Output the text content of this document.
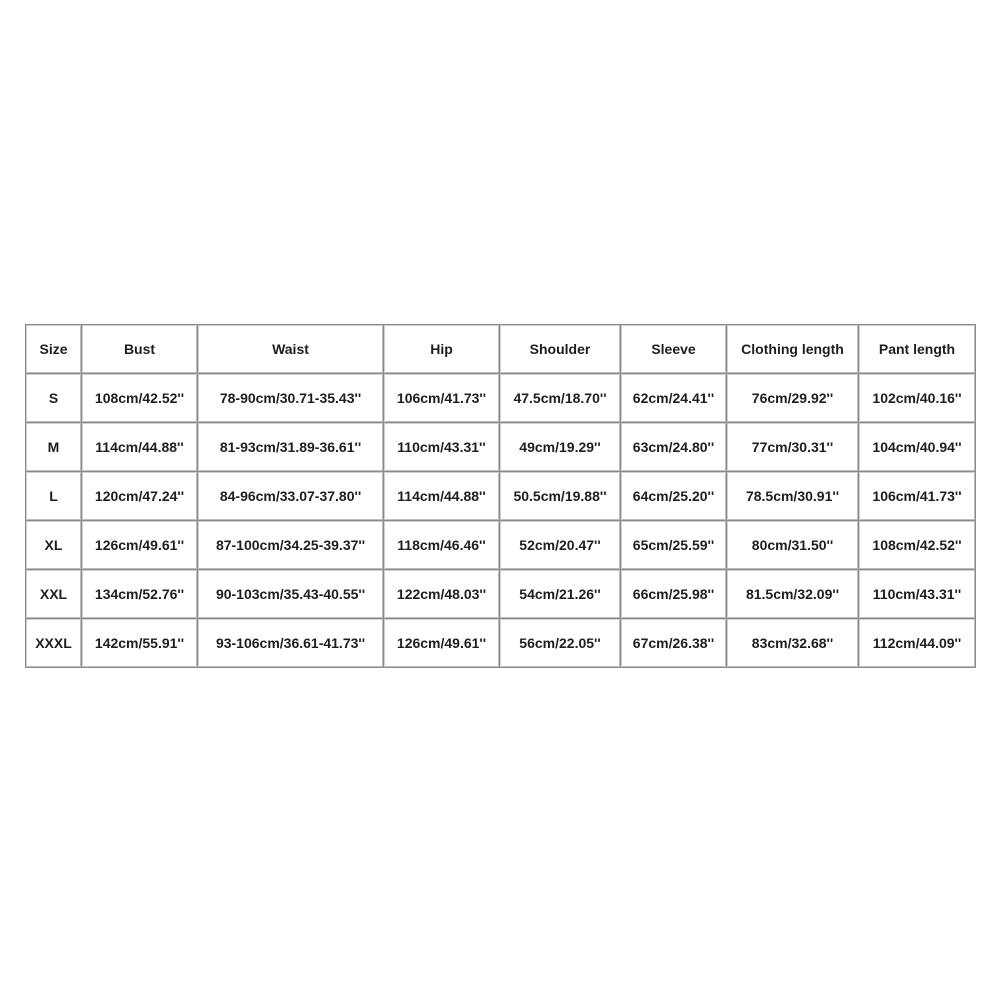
Size	Bust	Waist	Hip	Shoulder	Sleeve	Clothing length	Pant length
S	108cm/42.52''	78-90cm/30.71-35.43''	106cm/41.73''	47.5cm/18.70''	62cm/24.41''	76cm/29.92''	102cm/40.16''
M	114cm/44.88''	81-93cm/31.89-36.61''	110cm/43.31''	49cm/19.29''	63cm/24.80''	77cm/30.31''	104cm/40.94''
L	120cm/47.24''	84-96cm/33.07-37.80''	114cm/44.88''	50.5cm/19.88''	64cm/25.20''	78.5cm/30.91''	106cm/41.73''
XL	126cm/49.61''	87-100cm/34.25-39.37''	118cm/46.46''	52cm/20.47''	65cm/25.59''	80cm/31.50''	108cm/42.52''
XXL	134cm/52.76''	90-103cm/35.43-40.55''	122cm/48.03''	54cm/21.26''	66cm/25.98''	81.5cm/32.09''	110cm/43.31''
XXXL	142cm/55.91''	93-106cm/36.61-41.73''	126cm/49.61''	56cm/22.05''	67cm/26.38''	83cm/32.68''	112cm/44.09''
